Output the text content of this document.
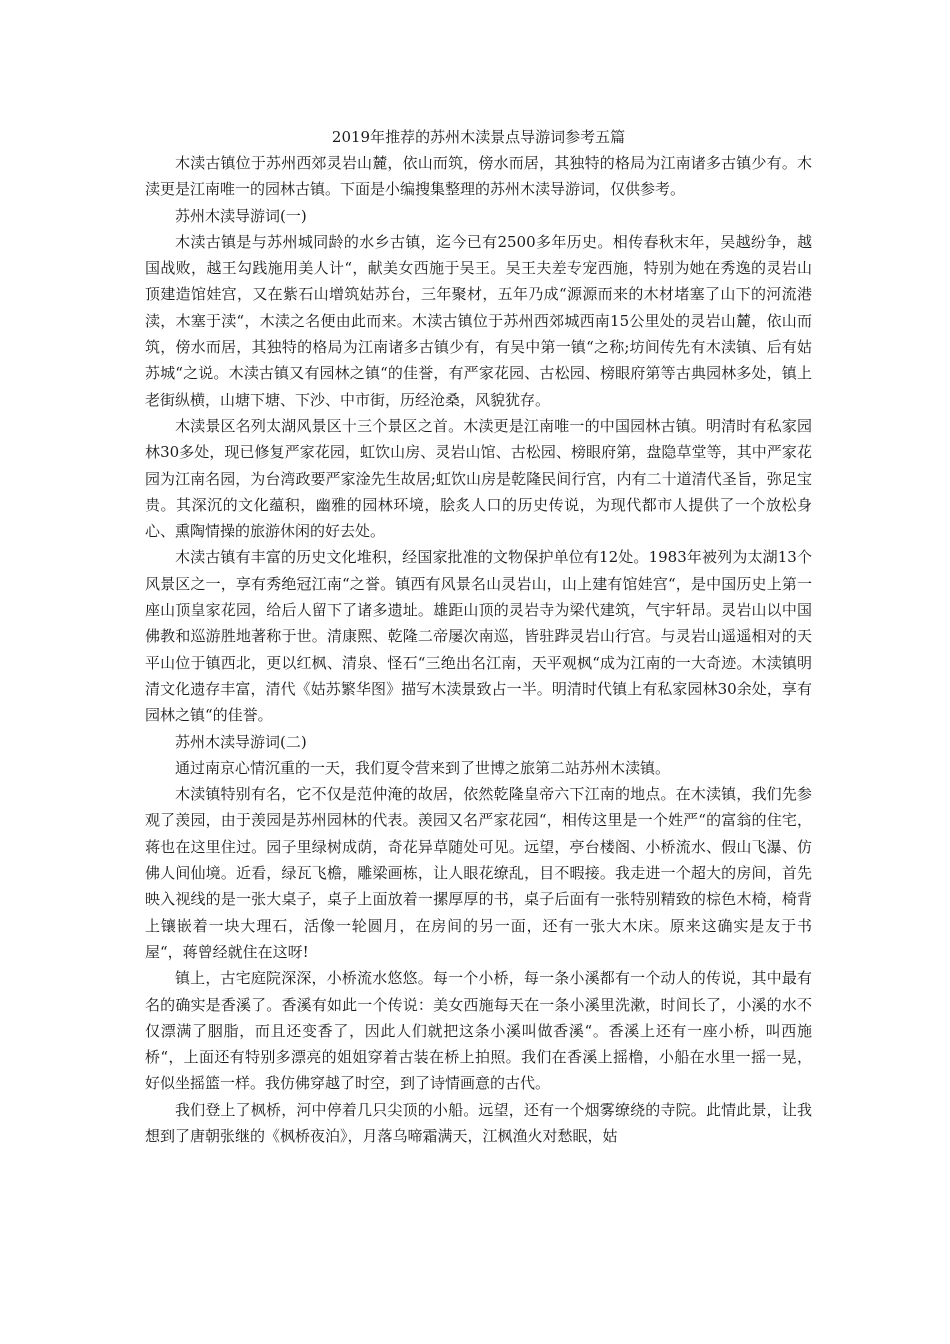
2019年推荐的苏州木渎景点导游词参考五篇

木渎古镇位于苏州西郊灵岩山麓，依山而筑，傍水而居，其独特的格局为江南诸多古镇少有。木渎更是江南唯一的园林古镇。下面是小编搜集整理的苏州木渎导游词，仅供参考。

苏州木渎导游词(一)

木渎古镇是与苏州城同龄的水乡古镇，迄今已有2500多年历史。相传春秋末年，吴越纷争，越国战败，越王勾践施用美人计“，献美女西施于吴王。吴王夫差专宠西施，特别为她在秀逸的灵岩山顶建造馆娃宫，又在紫石山增筑姑苏台，三年聚材，五年乃成“源源而来的木材堵塞了山下的河流港渎，木塞于渎“，木渎之名便由此而来。木渎古镇位于苏州西郊城西南15公里处的灵岩山麓，依山而筑，傍水而居，其独特的格局为江南诸多古镇少有，有吴中第一镇“之称;坊间传先有木渎镇、后有姑苏城“之说。木渎古镇又有园林之镇“的佳誉，有严家花园、古松园、榜眼府第等古典园林多处，镇上老街纵横，山塘下塘、下沙、中市街，历经沧桑，风貌犹存。

木渎景区名列太湖风景区十三个景区之首。木渎更是江南唯一的中国园林古镇。明清时有私家园林30多处，现已修复严家花园，虹饮山房、灵岩山馆、古松园、榜眼府第，盘隐草堂等，其中严家花园为江南名园，为台湾政要严家淦先生故居;虹饮山房是乾隆民间行宫，内有二十道清代圣旨，弥足宝贵。其深沉的文化蕴积，幽雅的园林环境，脍炙人口的历史传说，为现代都市人提供了一个放松身心、熏陶情操的旅游休闲的好去处。

木渎古镇有丰富的历史文化堆积，经国家批准的文物保护单位有12处。1983年被列为太湖13个风景区之一，享有秀绝冠江南“之誉。镇西有风景名山灵岩山，山上建有馆娃宫“，是中国历史上第一座山顶皇家花园，给后人留下了诸多遗址。雄距山顶的灵岩寺为梁代建筑，气宇轩昂。灵岩山以中国佛教和巡游胜地著称于世。清康熙、乾隆二帝屡次南巡，皆驻跸灵岩山行宫。与灵岩山遥遥相对的天平山位于镇西北，更以红枫、清泉、怪石“三绝出名江南，天平观枫“成为江南的一大奇迹。木渎镇明清文化遗存丰富，清代《姑苏繁华图》描写木渎景致占一半。明清时代镇上有私家园林30余处，享有园林之镇“的佳誉。

苏州木渎导游词(二)

通过南京心情沉重的一天，我们夏令营来到了世博之旅第二站苏州木渎镇。

木渎镇特别有名，它不仅是范仲淹的故居，依然乾隆皇帝六下江南的地点。在木渎镇，我们先参观了羡园，由于羡园是苏州园林的代表。羡园又名严家花园“，相传这里是一个姓严“的富翁的住宅，蒋也在这里住过。园子里绿树成荫，奇花异草随处可见。远望，亭台楼阁、小桥流水、假山飞瀑、仿佛人间仙境。近看，绿瓦飞檐，雕梁画栋，让人眼花缭乱，目不暇接。我走进一个超大的房间，首先映入视线的是一张大桌子，桌子上面放着一摞厚厚的书，桌子后面有一张特别精致的棕色木椅，椅背上镶嵌着一块大理石，活像一轮圆月，在房间的另一面，还有一张大木床。原来这确实是友于书屋“，蒋曾经就住在这呀!

镇上，古宅庭院深深，小桥流水悠悠。每一个小桥，每一条小溪都有一个动人的传说，其中最有名的确实是香溪了。香溪有如此一个传说：美女西施每天在一条小溪里洗漱，时间长了，小溪的水不仅漂满了胭脂，而且还变香了，因此人们就把这条小溪叫做香溪“。香溪上还有一座小桥，叫西施桥“，上面还有特别多漂亮的姐姐穿着古装在桥上拍照。我们在香溪上摇橹，小船在水里一摇一晃，好似坐摇篮一样。我仿佛穿越了时空，到了诗情画意的古代。

我们登上了枫桥，河中停着几只尖顶的小船。远望，还有一个烟雾缭绕的寺院。此情此景，让我想到了唐朝张继的《枫桥夜泊》，月落乌啼霜满天，江枫渔火对愁眠，姑
